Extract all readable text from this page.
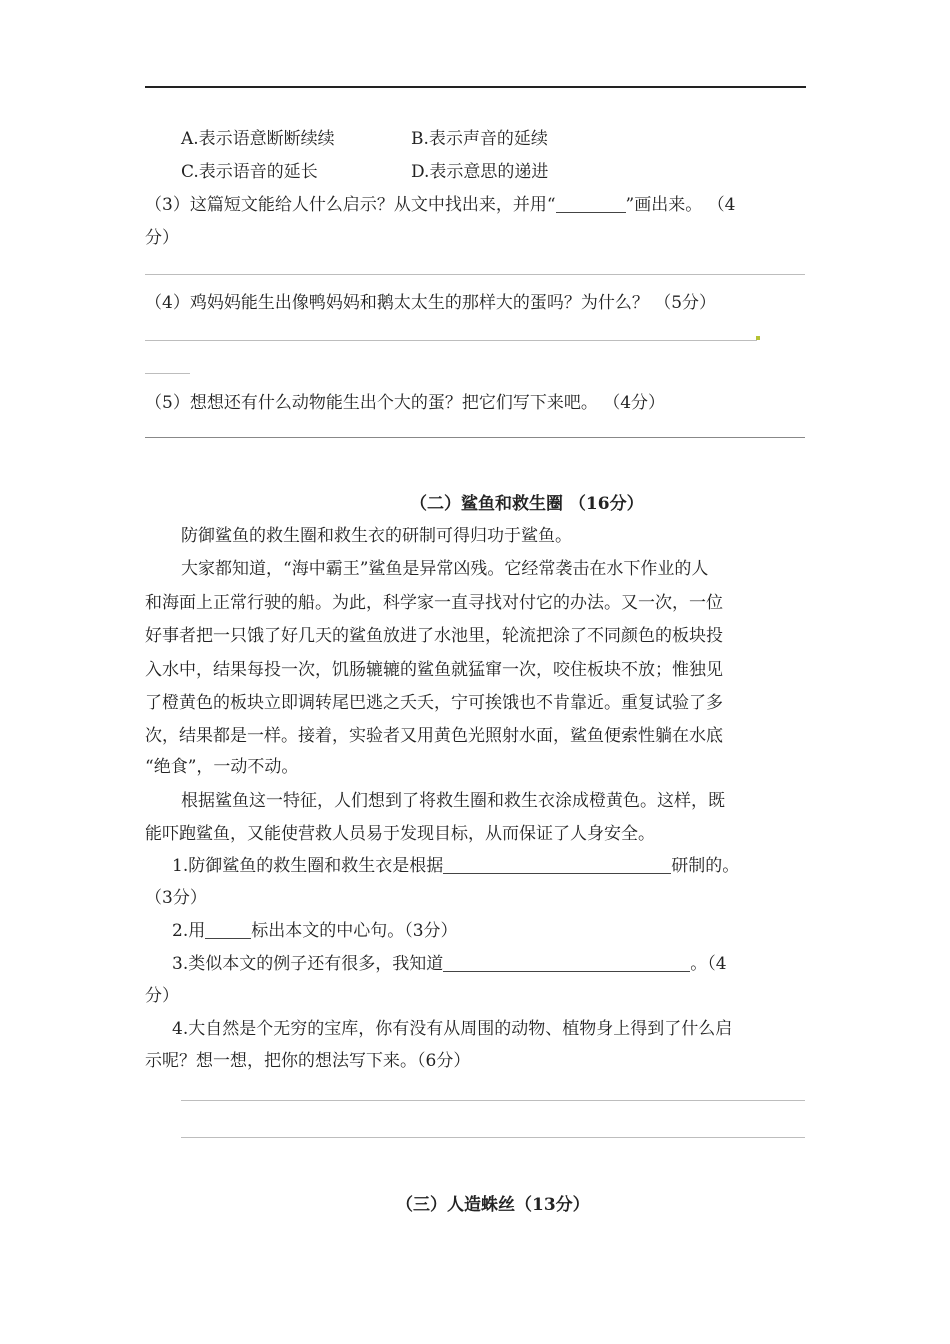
A.表示语意断断续续	B.表示声音的延续
C.表示语音的延长	D.表示意思的递进
（3）这篇短文能给人什么启示？从文中找出来，并用“	”画出来。 （4
分）
（4）鸡妈妈能生出像鸭妈妈和鹅太太生的那样大的蛋吗？为什么？ （5分）
（5）想想还有什么动物能生出个大的蛋？把它们写下来吧。 （4分）
（二）鲨鱼和救生圈 （16分）
防御鲨鱼的救生圈和救生衣的研制可得归功于鲨鱼。
大家都知道，“海中霸王”鲨鱼是异常凶残。它经常袭击在水下作业的人
和海面上正常行驶的船。为此，科学家一直寻找对付它的办法。又一次，一位
好事者把一只饿了好几天的鲨鱼放进了水池里，轮流把涂了不同颜色的板块投
入水中，结果每投一次，饥肠辘辘的鲨鱼就猛窜一次，咬住板块不放；惟独见
了橙黄色的板块立即调转尾巴逃之夭夭，宁可挨饿也不肯靠近。重复试验了多
次，结果都是一样。接着，实验者又用黄色光照射水面，鲨鱼便索性躺在水底
“绝食”，一动不动。
根据鲨鱼这一特征，人们想到了将救生圈和救生衣涂成橙黄色。这样，既
能吓跑鲨鱼，又能使营救人员易于发现目标，从而保证了人身安全。
1.防御鲨鱼的救生圈和救生衣是根据	研制的。
（3分）
2.用	标出本文的中心句。（3分）
3.类似本文的例子还有很多，我知道	。（4
分）
4.大自然是个无穷的宝库，你有没有从周围的动物、植物身上得到了什么启
示呢？想一想，把你的想法写下来。（6分）
（三）人造蛛丝（13分）
